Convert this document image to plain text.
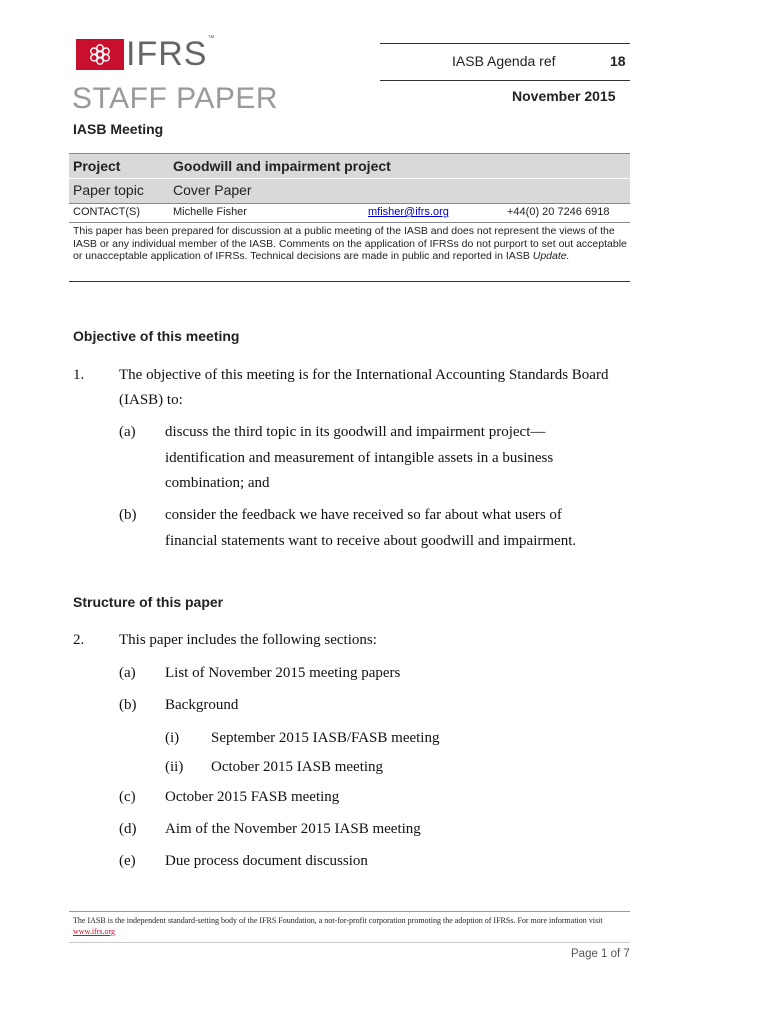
IFRS™
STAFF PAPER
IASB Agenda ref	18
November 2015
IASB Meeting
Project	Goodwill and impairment project
Paper topic Cover Paper
CONTACT(S)	Michelle Fisher	mfisher@ifrs.org	+44(0) 20 7246 6918
This paper has been prepared for discussion at a public meeting of the IASB and does not represent the views of the IASB or any individual member of the IASB. Comments on the application of IFRSs do not purport to set out acceptable or unacceptable application of IFRSs. Technical decisions are made in public and reported in IASB Update.
Objective of this meeting
1. The objective of this meeting is for the International Accounting Standards Board
(IASB) to:
(a) discuss the third topic in its goodwill and impairment project—
identification and measurement of intangible assets in a business
combination; and
(b) consider the feedback we have received so far about what users of
financial statements want to receive about goodwill and impairment.
Structure of this paper
2. This paper includes the following sections:
(a) List of November 2015 meeting papers
(b) Background
(i) September 2015 IASB/FASB meeting
(ii) October 2015 IASB meeting
(c) October 2015 FASB meeting
(d) Aim of the November 2015 IASB meeting
(e) Due process document discussion
The IASB is the independent standard-setting body of the IFRS Foundation, a not-for-profit corporation promoting the adoption of IFRSs. For more information visit www.ifrs.org
Page 1 of 7
